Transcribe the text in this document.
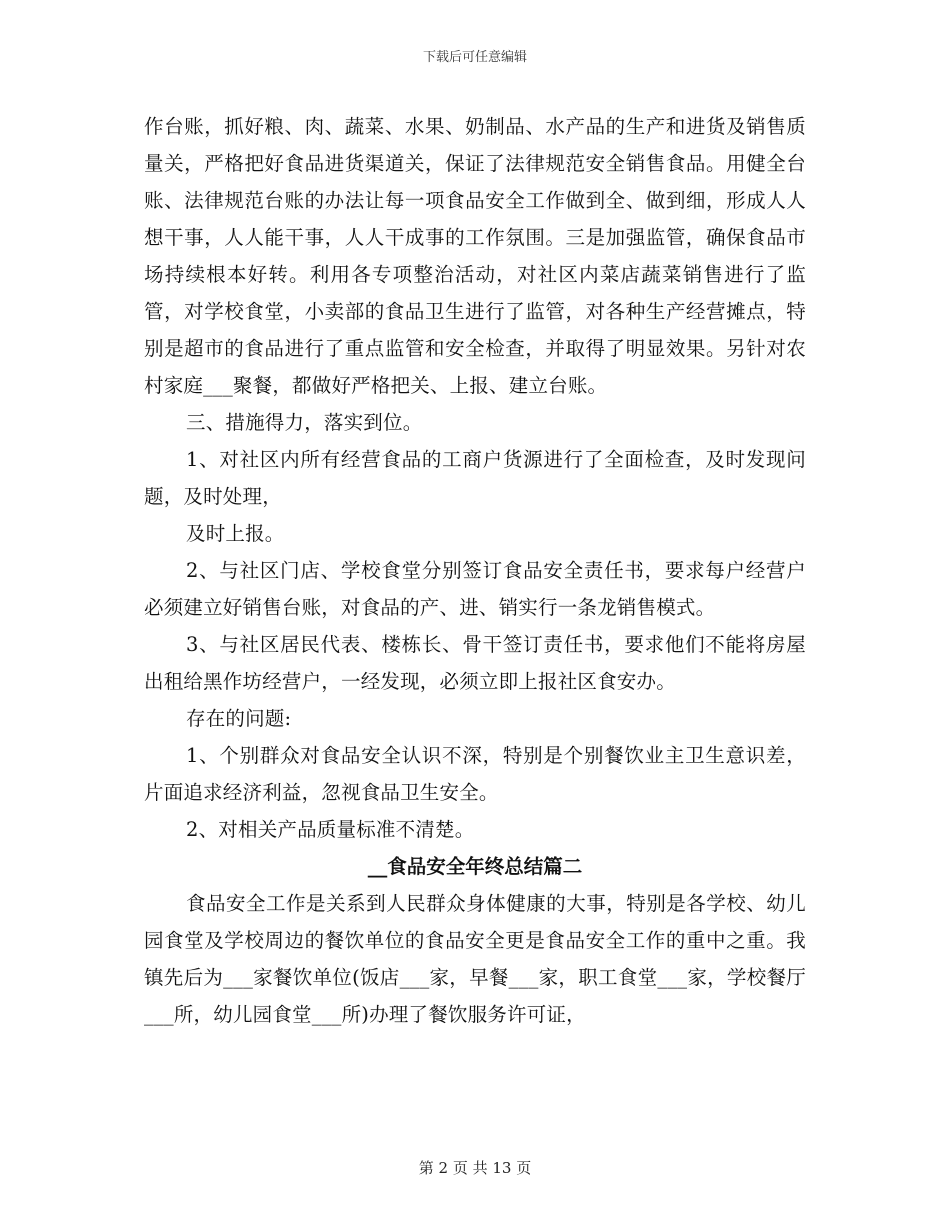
下载后可任意编辑

作台账，抓好粮、肉、蔬菜、水果、奶制品、水产品的生产和进货及销售质量关，严格把好食品进货渠道关，保证了法律规范安全销售食品。用健全台账、法律规范台账的办法让每一项食品安全工作做到全、做到细，形成人人想干事，人人能干事，人人干成事的工作氛围。三是加强监管，确保食品市场持续根本好转。利用各专项整治活动，对社区内菜店蔬菜销售进行了监管，对学校食堂，小卖部的食品卫生进行了监管，对各种生产经营摊点，特别是超市的食品进行了重点监管和安全检查，并取得了明显效果。另针对农村家庭___聚餐，都做好严格把关、上报、建立台账。

三、措施得力，落实到位。

1、对社区内所有经营食品的工商户货源进行了全面检查，及时发现问题，及时处理，

及时上报。

2、与社区门店、学校食堂分别签订食品安全责任书，要求每户经营户必须建立好销售台账，对食品的产、进、销实行一条龙销售模式。

3、与社区居民代表、楼栋长、骨干签订责任书，要求他们不能将房屋出租给黑作坊经营户，一经发现，必须立即上报社区食安办。

存在的问题:

1、个别群众对食品安全认识不深，特别是个别餐饮业主卫生意识差，片面追求经济利益，忽视食品卫生安全。

2、对相关产品质量标准不清楚。

__食品安全年终总结篇二

食品安全工作是关系到人民群众身体健康的大事，特别是各学校、幼儿园食堂及学校周边的餐饮单位的食品安全更是食品安全工作的重中之重。我镇先后为___家餐饮单位(饭店___家，早餐___家，职工食堂___家，学校餐厅___所，幼儿园食堂___所)办理了餐饮服务许可证，

第 2 页 共 13 页
